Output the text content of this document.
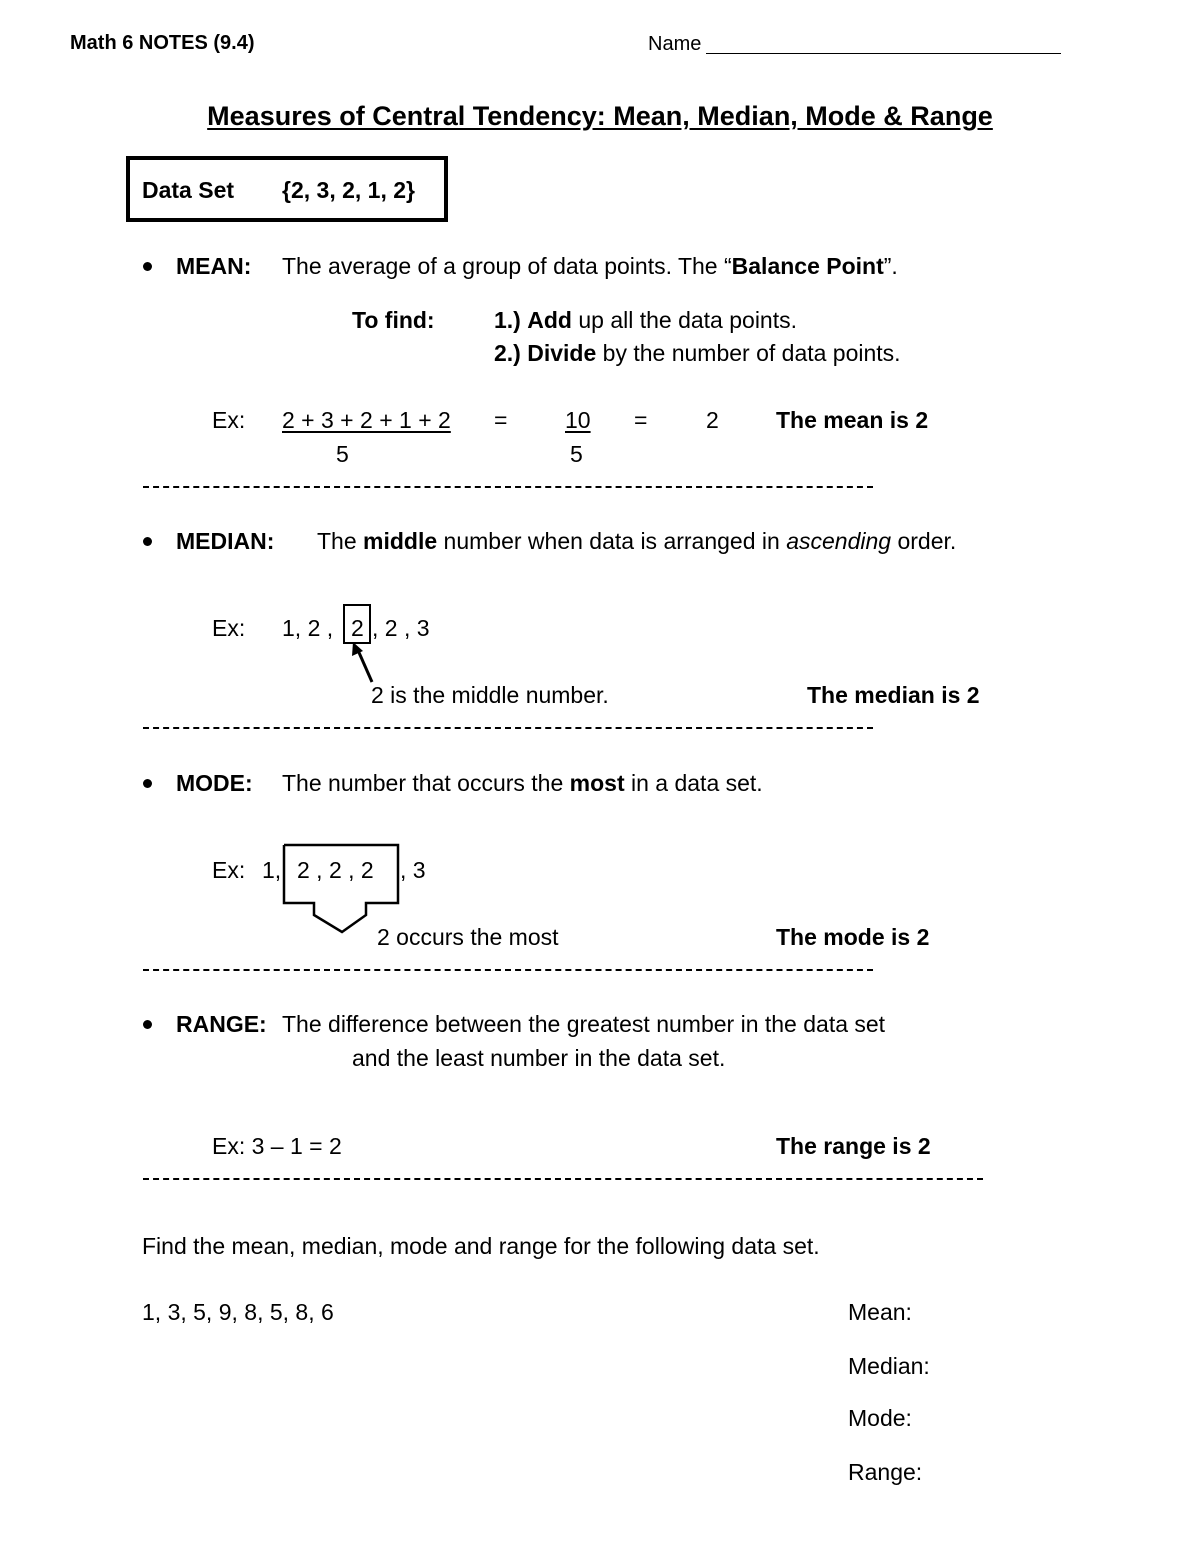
Math 6 NOTES (9.4)	Name
Measures of Central Tendency: Mean, Median, Mode & Range
Data Set {2, 3, 2, 1, 2}
MEAN: The average of a group of data points. The “Balance Point”.
To find:	1.) Add up all the data points.
2.) Divide by the number of data points.
Ex: 2 + 3 + 2 + 1 + 2
5
=	10
5
=	2 The mean is 2
MEDIAN: The middle number when data is arranged in ascending order.
Ex: 1, 2 , 2 , 2 , 3
2 is the middle number.	The median is 2
MODE: The number that occurs the most in a data set.
Ex: 1, 2 , 2 , 2 , 3
2 occurs the most	The mode is 2
RANGE: The difference between the greatest number in the data set
and the least number in the data set.
Ex: 3 – 1 = 2	The range is 2
Find the mean, median, mode and range for the following data set.
1, 3, 5, 9, 8, 5, 8, 6	Mean:
Median:
Mode:
Range:
